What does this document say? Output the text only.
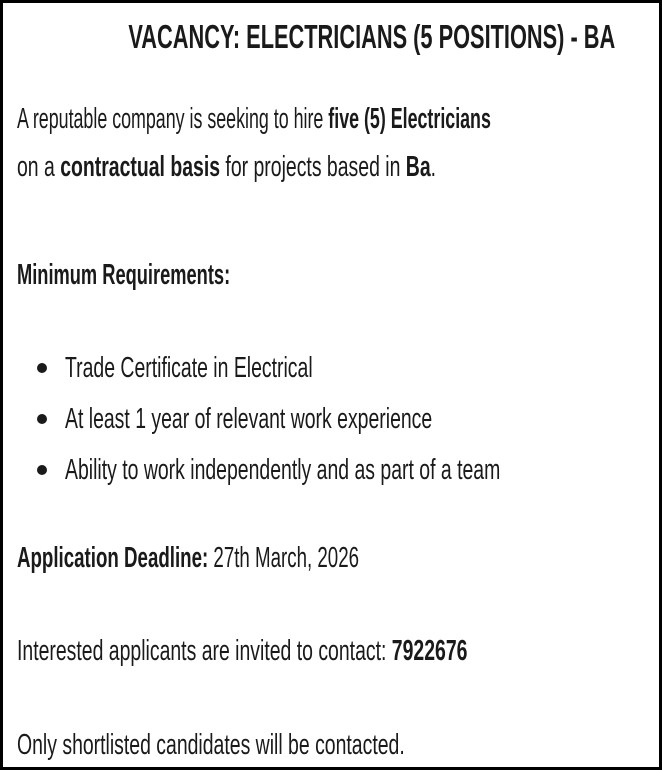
VACANCY: ELECTRICIANS (5 POSITIONS) - BA
A reputable company is seeking to hire five (5) Electricians
on a contractual basis for projects based in Ba.
Minimum Requirements:
Trade Certificate in Electrical
At least 1 year of relevant work experience
Ability to work independently and as part of a team
Application Deadline: 27th March, 2026
Interested applicants are invited to contact: 7922676
Only shortlisted candidates will be contacted.
